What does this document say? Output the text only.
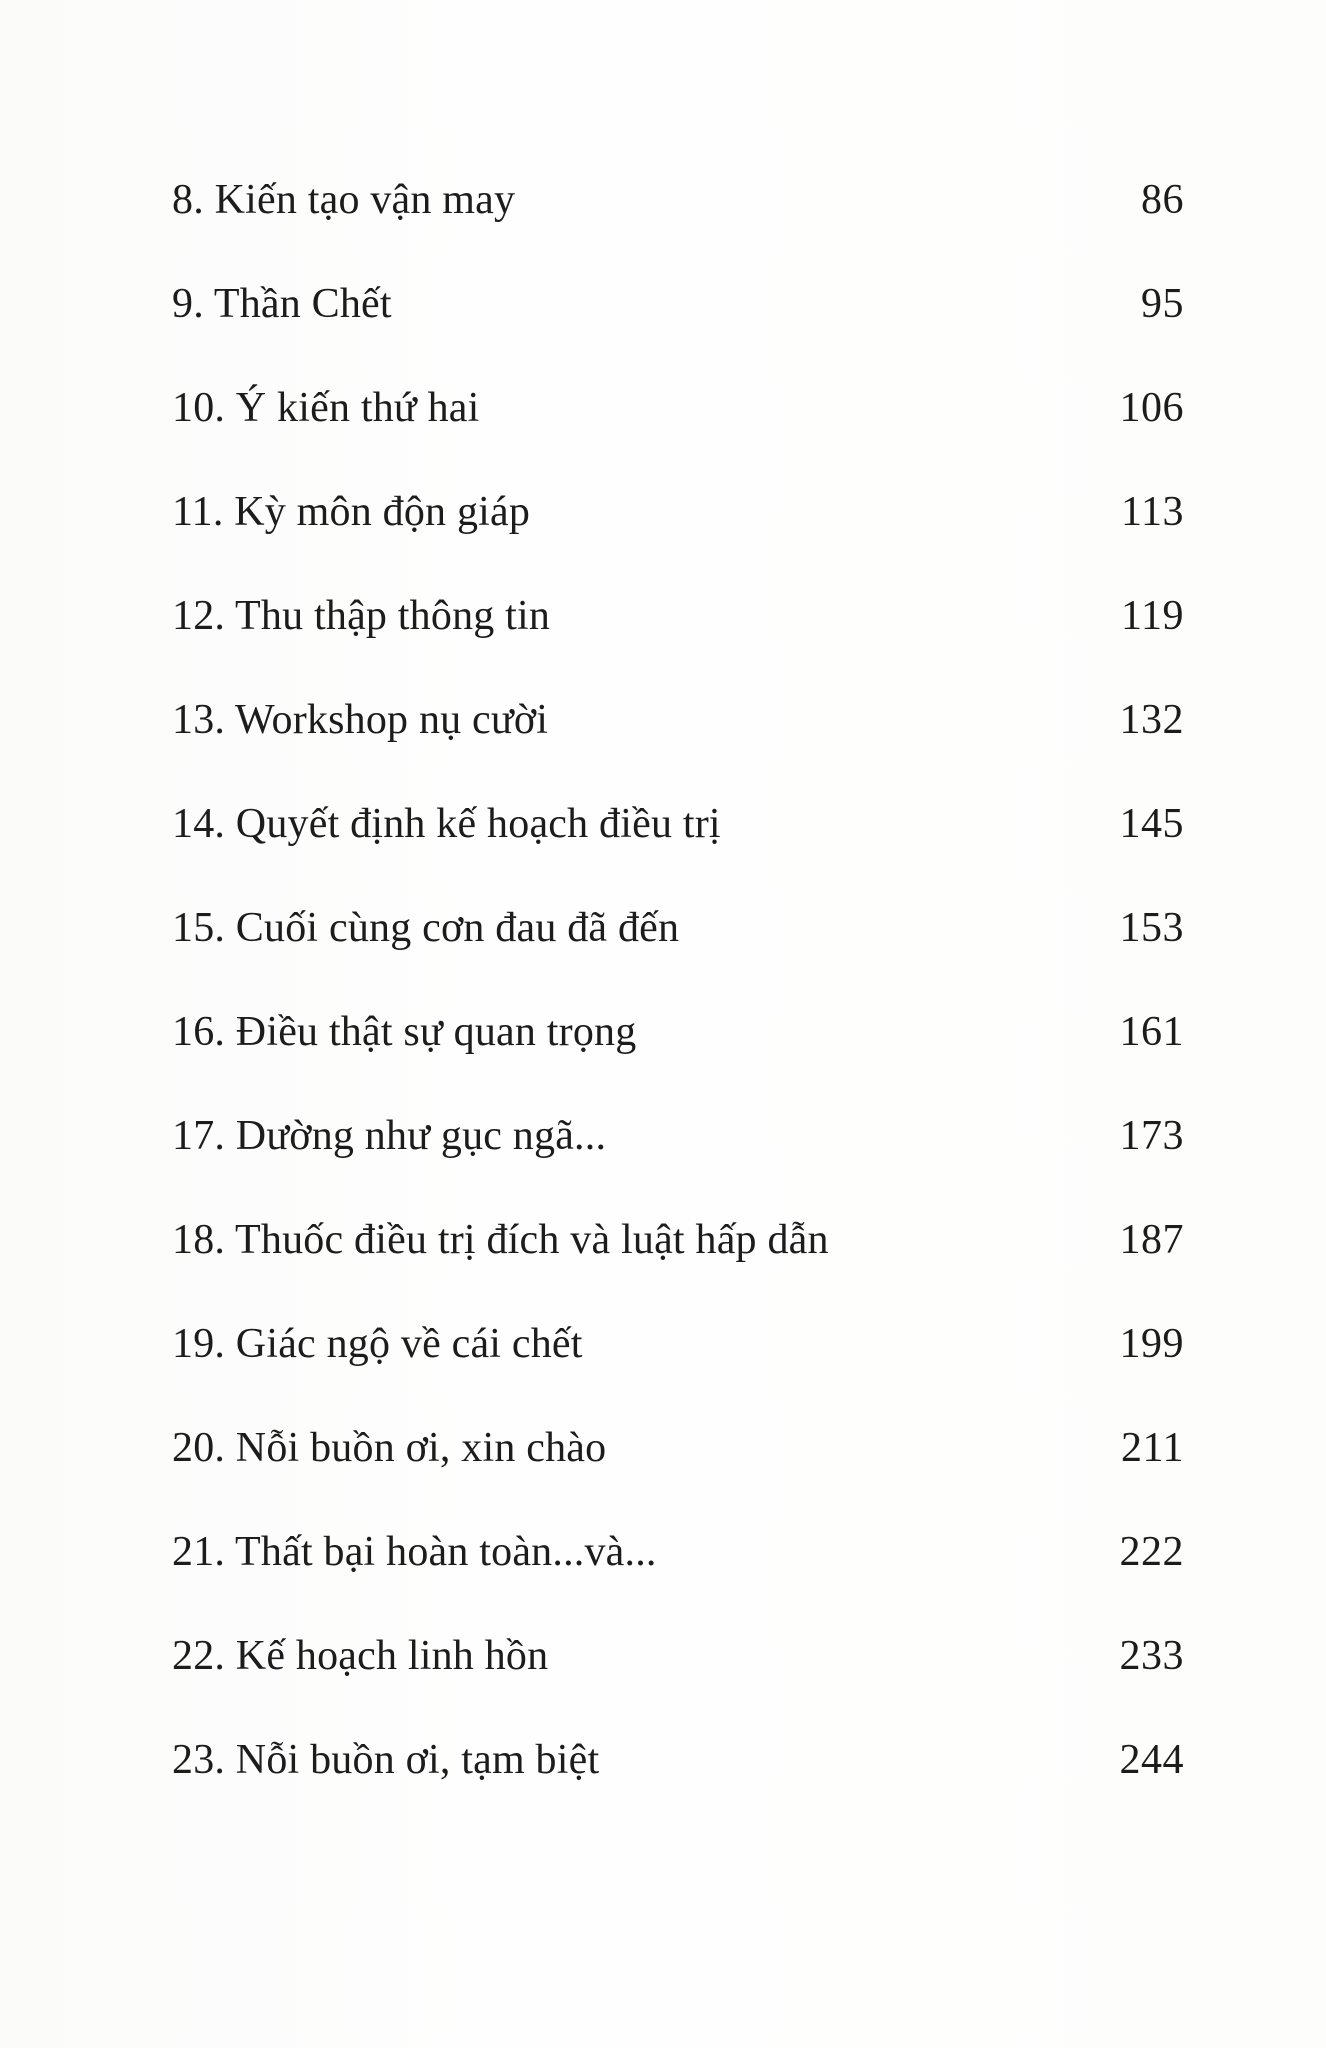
8. Kiến tạo vận may	86
9. Thần Chết	95
10. Ý kiến thứ hai	106
11. Kỳ môn độn giáp	113
12. Thu thập thông tin	119
13. Workshop nụ cười	132
14. Quyết định kế hoạch điều trị	145
15. Cuối cùng cơn đau đã đến	153
16. Điều thật sự quan trọng	161
17. Dường như gục ngã...	173
18. Thuốc điều trị đích và luật hấp dẫn	187
19. Giác ngộ về cái chết	199
20. Nỗi buồn ơi, xin chào	211
21. Thất bại hoàn toàn...và...	222
22. Kế hoạch linh hồn	233
23. Nỗi buồn ơi, tạm biệt	244
